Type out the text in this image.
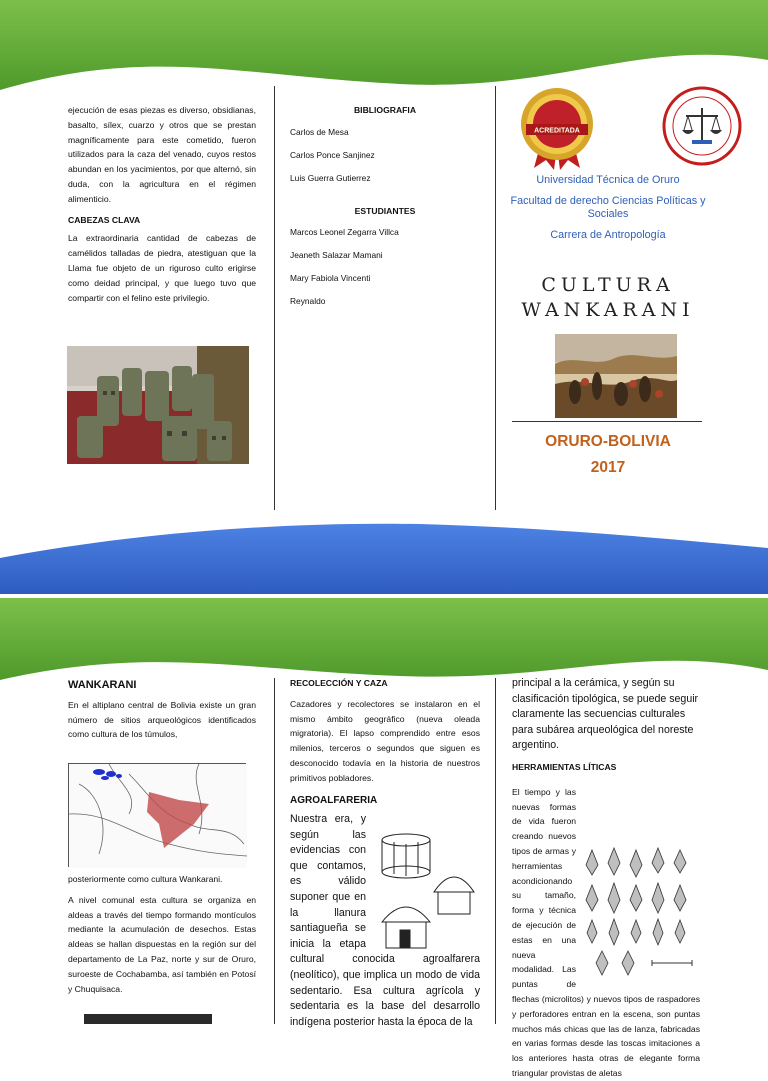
ejecución de esas piezas es diverso, obsidianas, basalto, sílex, cuarzo y otros que se prestan magníficamente para este cometido, fueron utilizados para la caza del venado, cuyos restos abundan en los yacimientos, por que alternó, sin duda, con la agricultura en el régimen alimenticio.

CABEZAS CLAVA

La extraordinaria cantidad de cabezas de camélidos talladas de piedra, atestiguan que la Llama fue objeto de un riguroso culto erigirse como deidad principal, y que luego tuvo que compartir con el felino este privilegio.

BIBLIOGRAFIA

Carlos de Mesa

Carlos Ponce Sanjinez

Luis Guerra Gutierrez

ESTUDIANTES

Marcos Leonel Zegarra Villca

Jeaneth Salazar Mamani

Mary Fabiola Vincenti

Reynaldo

ACREDITADA

Universidad Técnica de Oruro

Facultad de derecho Ciencias Políticas y Sociales

Carrera de Antropología

CULTURA

WANKARANI

ORURO-BOLIVIA

2017

WANKARANI

En el altiplano central de Bolivia existe un gran número de sitios arqueológicos identificados como cultura de los túmulos,

posteriormente como cultura Wankarani.

A nivel comunal esta cultura se organiza en aldeas a través del tiempo formando montículos mediante la acumulación de desechos. Estas aldeas se hallan dispuestas en la región sur del departamento de La Paz, norte y sur de Oruro, suroeste de Cochabamba, así también en Potosí y Chuquisaca.

RECOLECCIÓN Y CAZA

Cazadores y recolectores se instalaron en el mismo ámbito geográfico (nueva oleada migratoria). El lapso comprendido entre esos milenios, terceros o segundos que siguen es desconocido todavía en la historia de nuestros primitivos pobladores.

AGROALFARERIA

Nuestra era, y según las evidencias con que contamos, es válido suponer que en la llanura santiagueña se inicia la etapa cultural conocida agroalfarera (neolítico), que implica un modo de vida sedentario. Esa cultura agrícola y sedentaria es la base del desarrollo indígena posterior hasta la época de la

principal a la cerámica, y según su clasificación tipológica, se puede seguir claramente las secuencias culturales para subárea arqueológica del noreste argentino.

HERRAMIENTAS LÍTICAS

El tiempo y las nuevas formas de vida fueron creando nuevos tipos de armas y herramientas acondicionando su tamaño, forma y técnica de ejecución de estas en una nueva modalidad. Las puntas de flechas (microlitos) y nuevos tipos de raspadores y perforadores entran en la escena, son puntas muchos más chicas que las de lanza, fabricadas en varias formas desde las toscas imitaciones a los anteriores hasta otras de elegante forma triangular provistas de aletas
